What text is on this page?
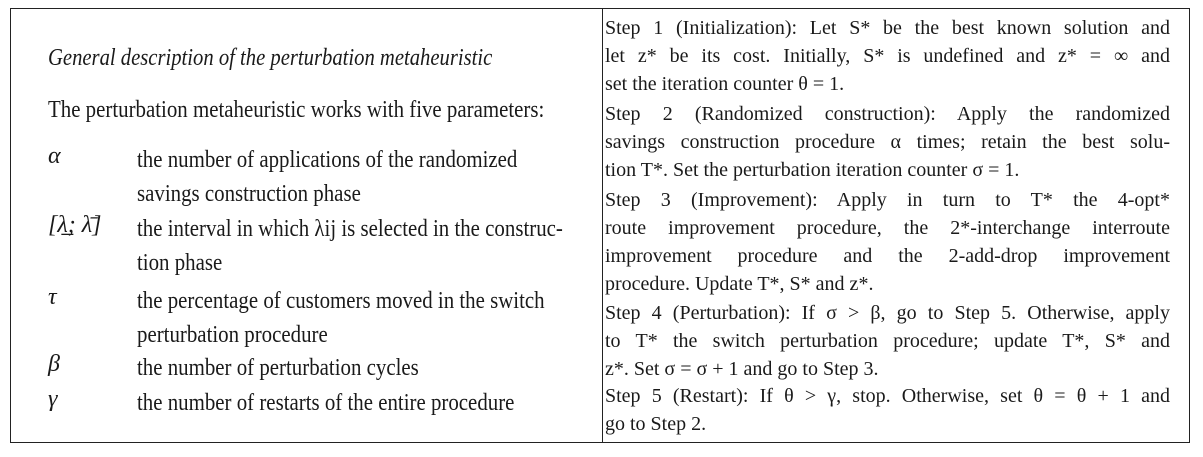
General description of the perturbation metaheuristic
The perturbation metaheuristic works with five parameters:
α	the number of applications of the randomized
savings construction phase
[λ̲; λ̄]	the interval in which λij is selected in the construc-
tion phase
τ	the percentage of customers moved in the switch
perturbation procedure
β	the number of perturbation cycles
γ	the number of restarts of the entire procedure
Step 1 (Initialization): Let S* be the best known solution and
let z* be its cost. Initially, S* is undefined and z* = ∞ and
set the iteration counter θ = 1.
Step 2 (Randomized construction): Apply the randomized
savings construction procedure α times; retain the best solu-
tion T*. Set the perturbation iteration counter σ = 1.
Step 3 (Improvement): Apply in turn to T* the 4-opt*
route improvement procedure, the 2*-interchange interroute
improvement procedure and the 2-add-drop improvement
procedure. Update T*, S* and z*.
Step 4 (Perturbation): If σ > β, go to Step 5. Otherwise, apply
to T* the switch perturbation procedure; update T*, S* and
z*. Set σ = σ + 1 and go to Step 3.
Step 5 (Restart): If θ > γ, stop. Otherwise, set θ = θ + 1 and
go to Step 2.
